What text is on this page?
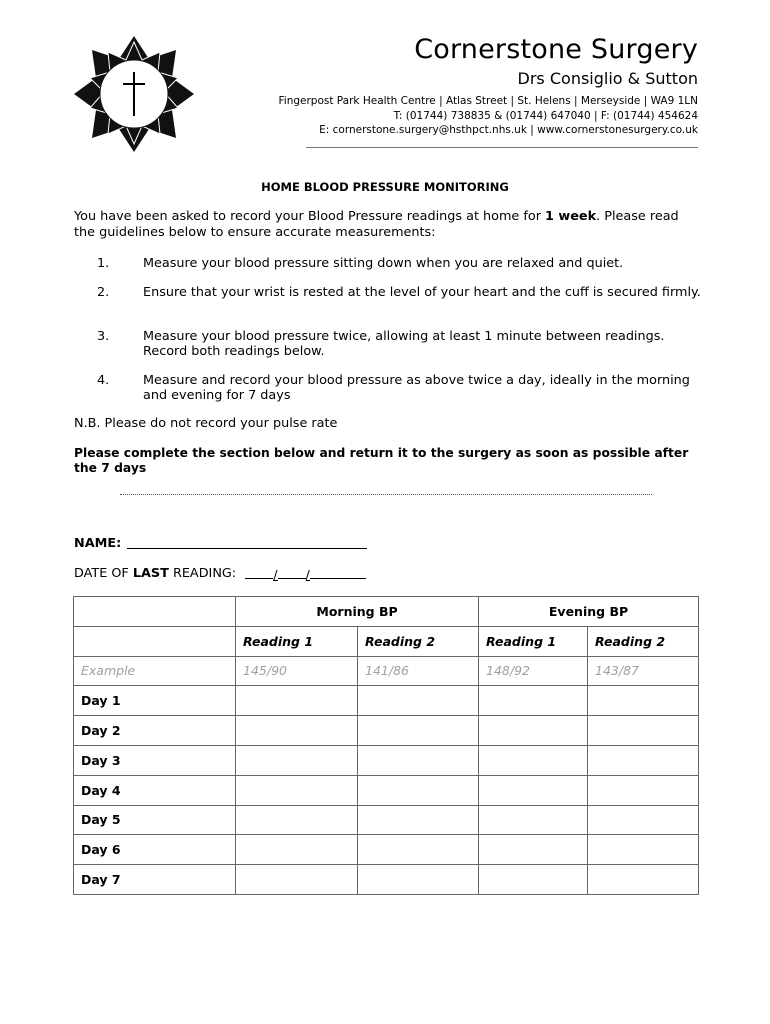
Cornerstone Surgery
Drs Consiglio & Sutton
Fingerpost Park Health Centre | Atlas Street | St. Helens | Merseyside | WA9 1LN
T: (01744) 738835 & (01744) 647040 | F: (01744) 454624
E: cornerstone.surgery@hsthpct.nhs.uk | www.cornerstonesurgery.co.uk
HOME BLOOD PRESSURE MONITORING
You have been asked to record your Blood Pressure readings at home for 1 week. Please read the guidelines below to ensure accurate measurements:
1.	Measure your blood pressure sitting down when you are relaxed and quiet.
2.	Ensure that your wrist is rested at the level of your heart and the cuff is secured firmly.
3.	Measure your blood pressure twice, allowing at least 1 minute between readings. Record both readings below.
4.	Measure and record your blood pressure as above twice a day, ideally in the morning and evening for 7 days
N.B. Please do not record your pulse rate
Please complete the section below and return it to the surgery as soon as possible after the 7 days
NAME:
DATE OF LAST READING:	/ /
	Morning BP		Evening BP	
	Reading 1	Reading 2	Reading 1	Reading 2
Example	145/90	141/86	148/92	143/87
Day 1				
Day 2				
Day 3				
Day 4				
Day 5				
Day 6				
Day 7				
